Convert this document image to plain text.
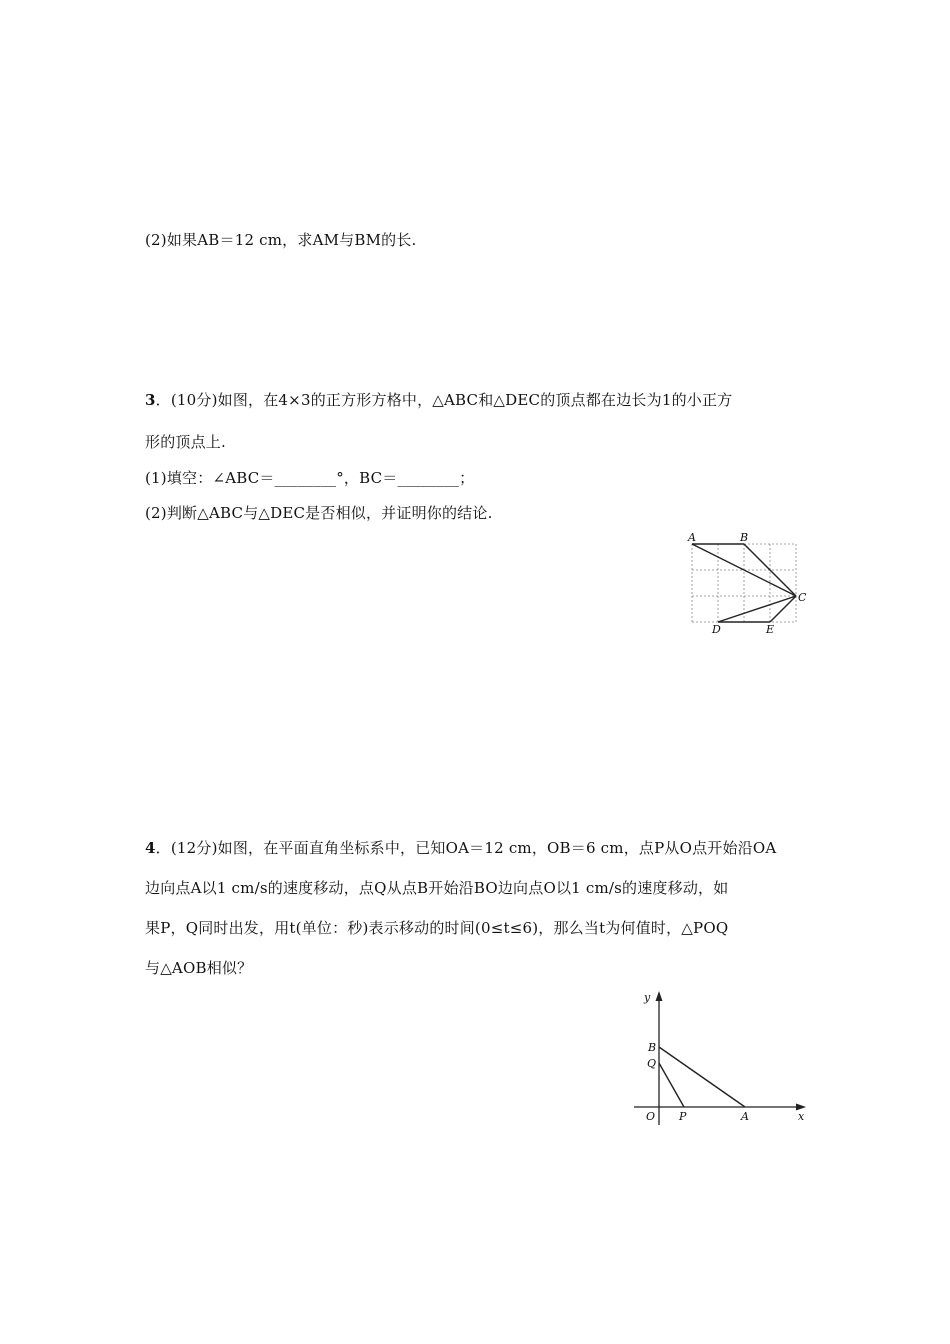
(2)如果AB＝12 cm，求AM与BM的长.
3．(10分)如图，在4×3的正方形方格中，△ABC和△DEC的顶点都在边长为1的小正方
形的顶点上.
(1)填空：∠ABC＝________°，BC＝________；
(2)判断△ABC与△DEC是否相似，并证明你的结论.
A	B
C
D	E
4．(12分)如图，在平面直角坐标系中，已知OA＝12 cm，OB＝6 cm，点P从O点开始沿OA
边向点A以1 cm/s的速度移动，点Q从点B开始沿BO边向点O以1 cm/s的速度移动，如
果P，Q同时出发，用t(单位：秒)表示移动的时间(0≤t≤6)，那么当t为何值时，△POQ
与△AOB相似？
y
x
B
Q
O P	A
